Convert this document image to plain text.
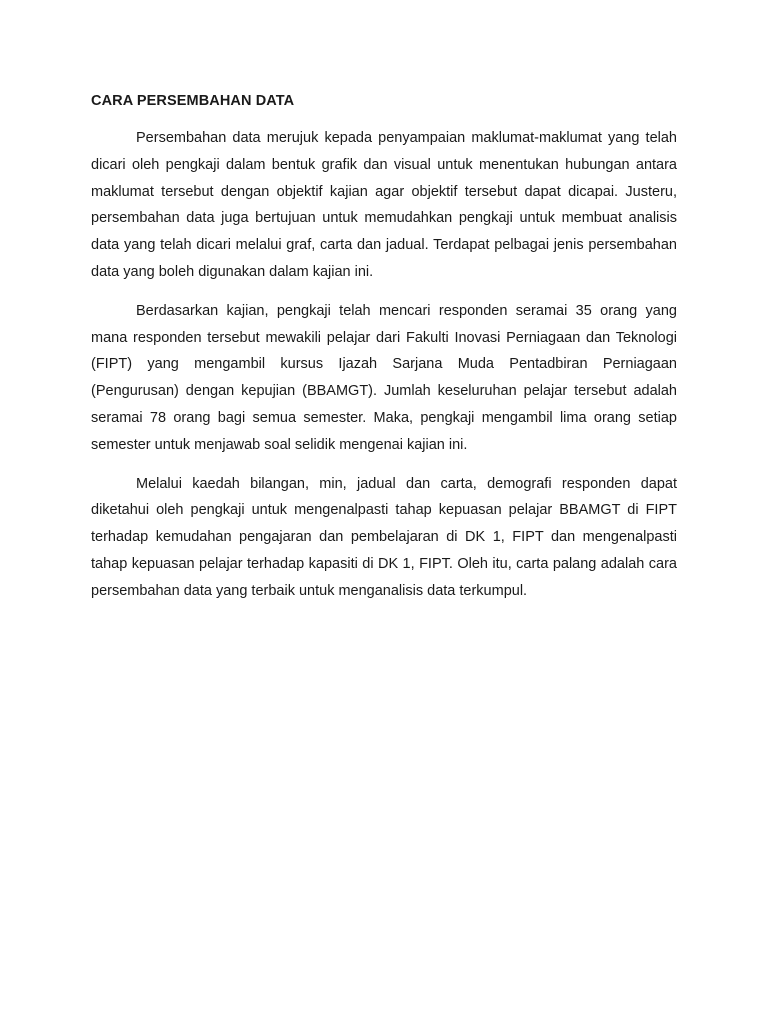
CARA PERSEMBAHAN DATA

Persembahan data merujuk kepada penyampaian maklumat-maklumat yang telah dicari oleh pengkaji dalam bentuk grafik dan visual untuk menentukan hubungan antara maklumat tersebut dengan objektif kajian agar objektif tersebut dapat dicapai. Justeru, persembahan data juga bertujuan untuk memudahkan pengkaji untuk membuat analisis data yang telah dicari melalui graf, carta dan jadual. Terdapat pelbagai jenis persembahan data yang boleh digunakan dalam kajian ini.

Berdasarkan kajian, pengkaji telah mencari responden seramai 35 orang yang mana responden tersebut mewakili pelajar dari Fakulti Inovasi Perniagaan dan Teknologi (FIPT) yang mengambil kursus Ijazah Sarjana Muda Pentadbiran Perniagaan (Pengurusan) dengan kepujian (BBAMGT). Jumlah keseluruhan pelajar tersebut adalah seramai 78 orang bagi semua semester. Maka, pengkaji mengambil lima orang setiap semester untuk menjawab soal selidik mengenai kajian ini.

Melalui kaedah bilangan, min, jadual dan carta, demografi responden dapat diketahui oleh pengkaji untuk mengenalpasti tahap kepuasan pelajar BBAMGT di FIPT terhadap kemudahan pengajaran dan pembelajaran di DK 1, FIPT dan mengenalpasti tahap kepuasan pelajar terhadap kapasiti di DK 1, FIPT. Oleh itu, carta palang adalah cara persembahan data yang terbaik untuk menganalisis data terkumpul.
